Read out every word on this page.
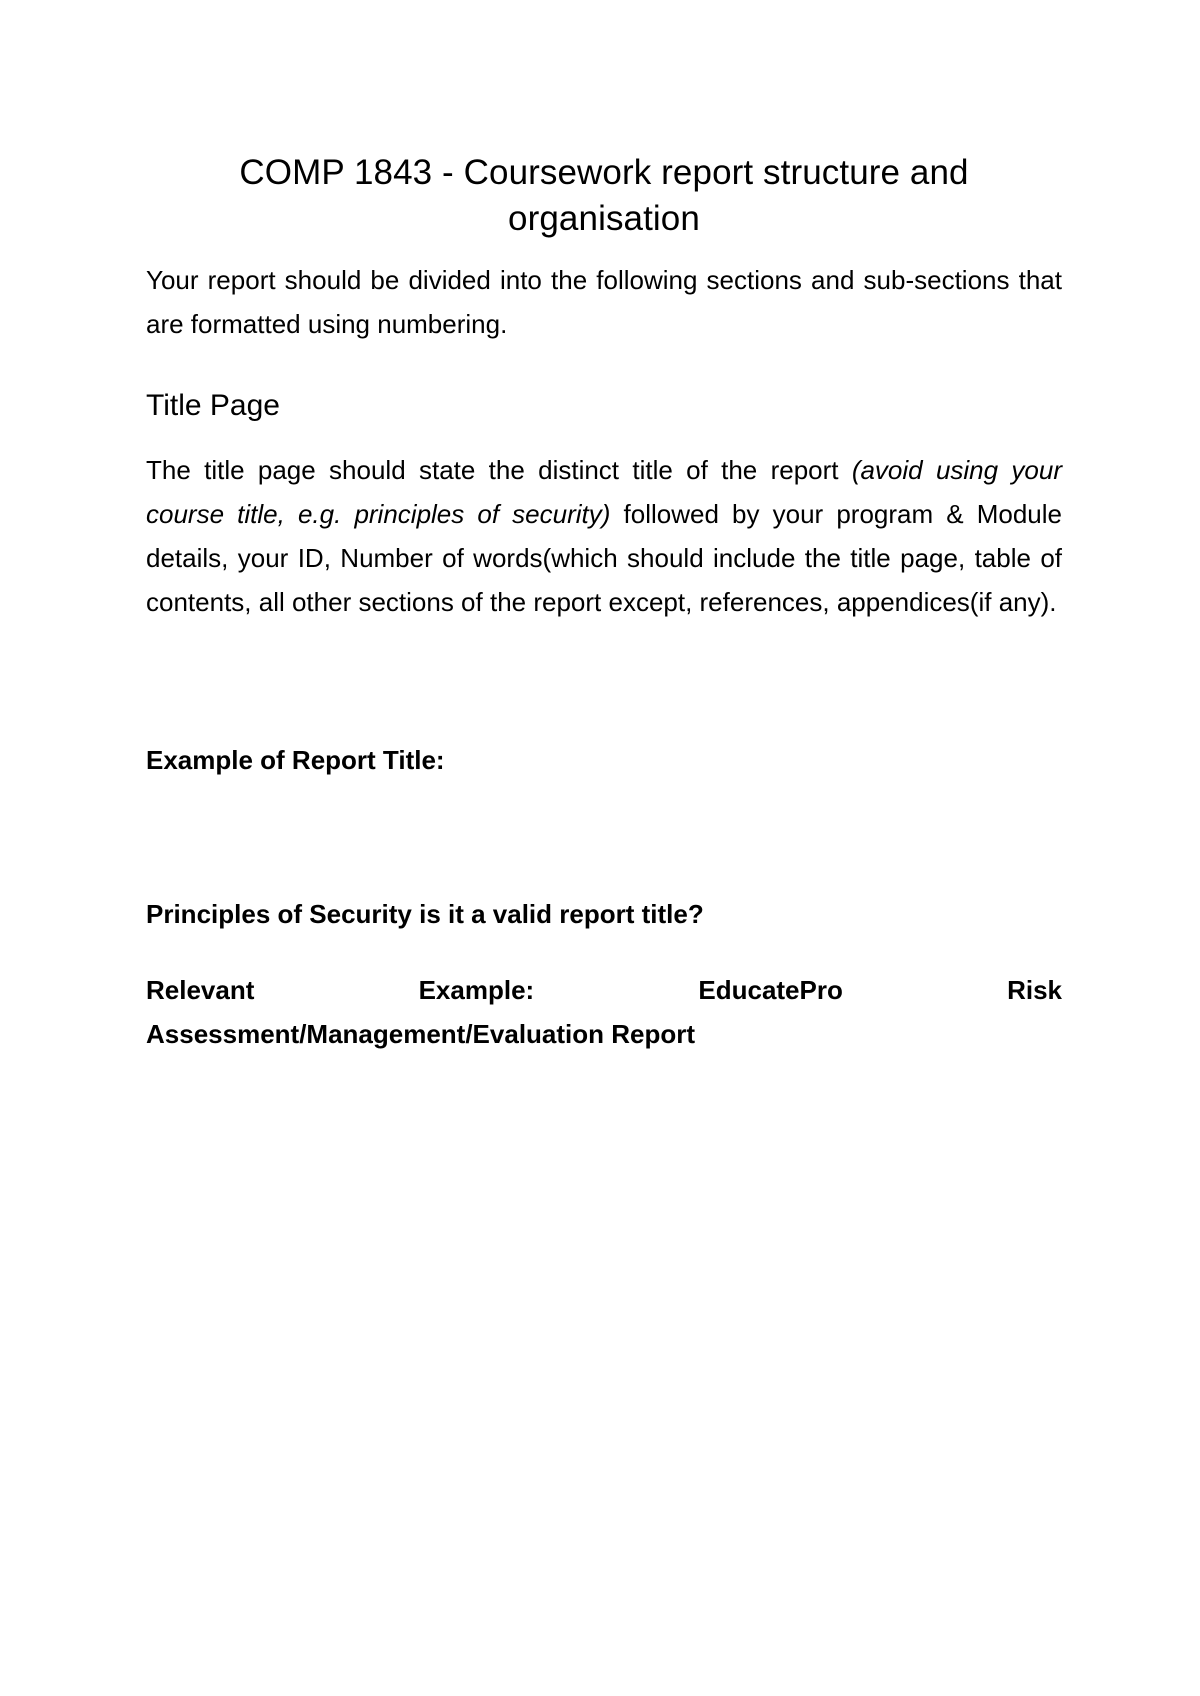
COMP 1843 - Coursework report structure and organisation

Your report should be divided into the following sections and sub-sections that are formatted using numbering.

Title Page

The title page should state the distinct title of the report (avoid using your course title, e.g. principles of security) followed by your program & Module details, your ID, Number of words(which should include the title page, table of contents, all other sections of the report except, references, appendices(if any).

Example of Report Title:

Principles of Security is it a valid report title?

Relevant	Example:	EducatePro	Risk
Assessment/Management/Evaluation Report
